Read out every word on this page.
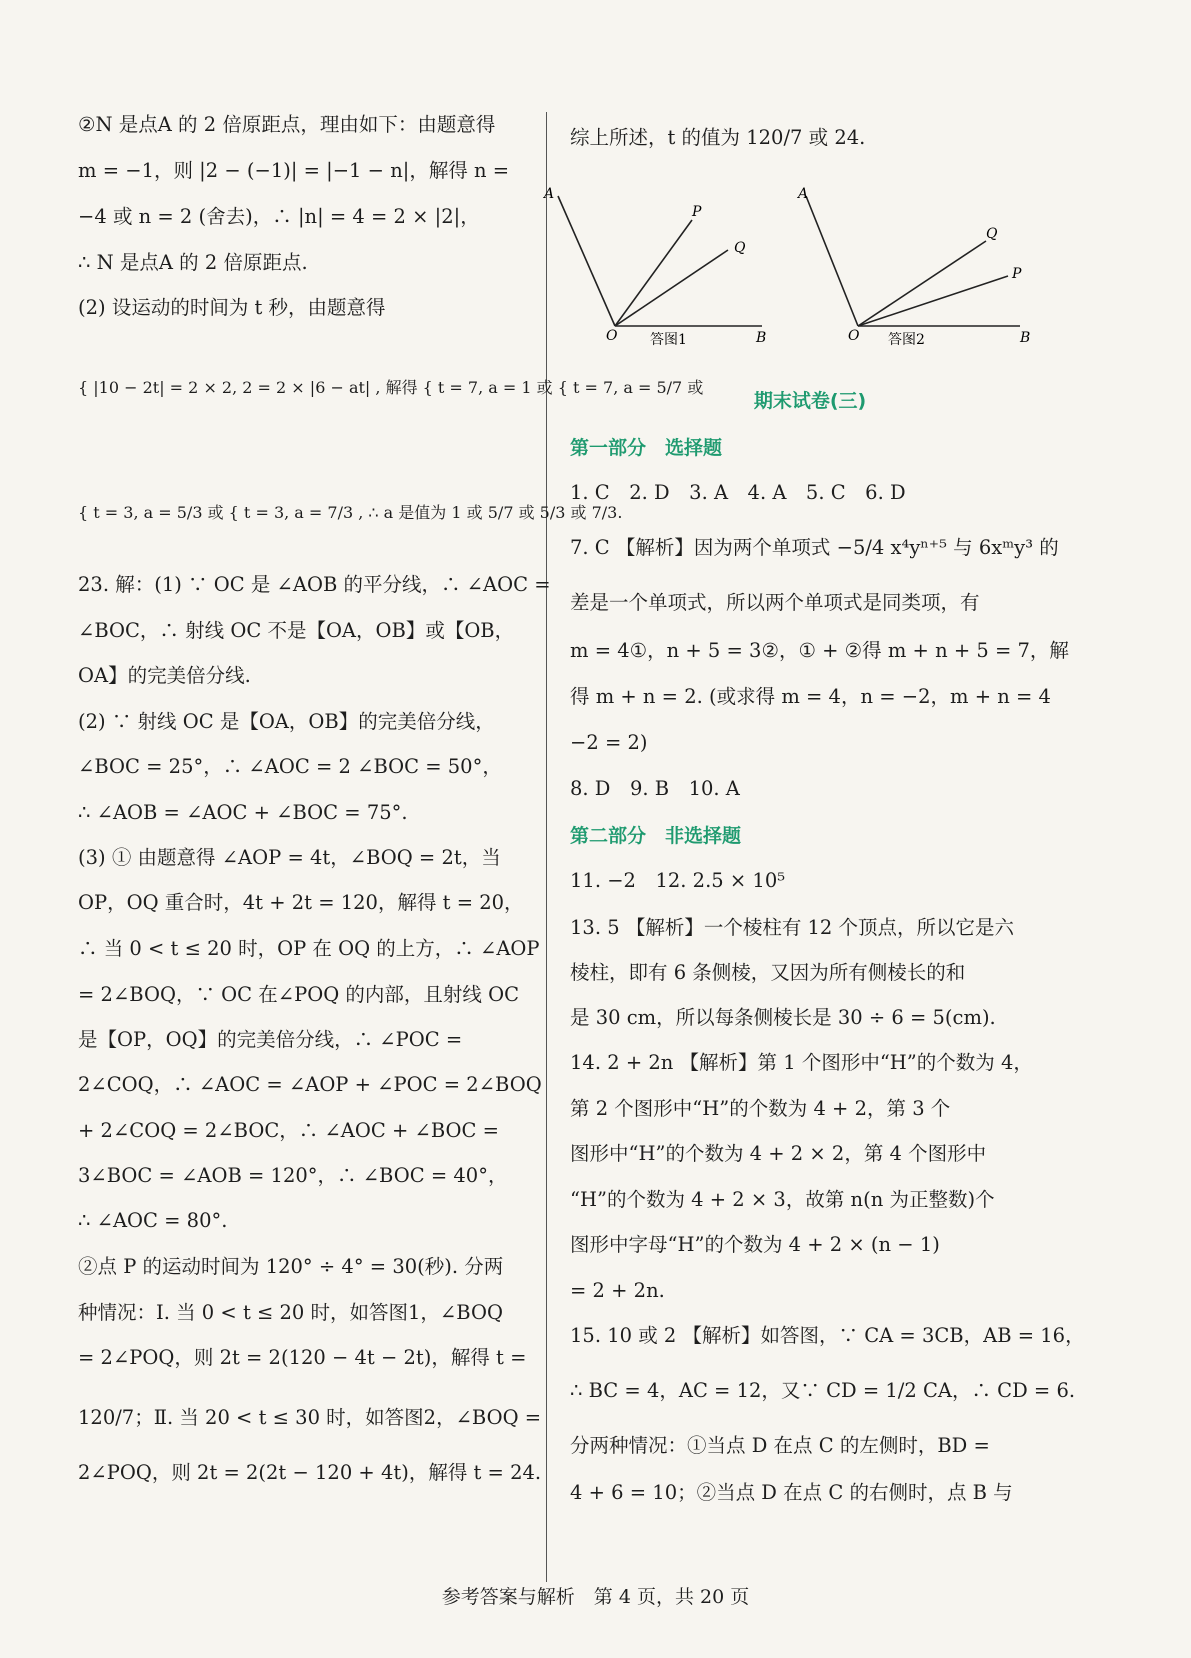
②N 是点A 的 2 倍原距点，理由如下：由题意得
m = −1，则 |2 − (−1)| = |−1 − n|，解得 n =
−4 或 n = 2 (舍去)，∴ |n| = 4 = 2 × |2|，
∴ N 是点A 的 2 倍原距点.
(2) 设运动的时间为 t 秒，由题意得
{ |10 − 2t| = 2 × 2, 2 = 2 × |6 − at| , 解得 { t = 7, a = 1 或 { t = 7, a = 5/7 或
{ t = 3, a = 5/3 或 { t = 3, a = 7/3 , ∴ a 是值为 1 或 5/7 或 5/3 或 7/3.
23. 解：(1) ∵ OC 是 ∠AOB 的平分线，∴ ∠AOC =
∠BOC，∴ 射线 OC 不是【OA，OB】或【OB，
OA】的完美倍分线.
(2) ∵ 射线 OC 是【OA，OB】的完美倍分线，
∠BOC = 25°，∴ ∠AOC = 2 ∠BOC = 50°，
∴ ∠AOB = ∠AOC + ∠BOC = 75°.
(3) ① 由题意得 ∠AOP = 4t，∠BOQ = 2t，当
OP，OQ 重合时，4t + 2t = 120，解得 t = 20，
∴ 当 0 < t ≤ 20 时，OP 在 OQ 的上方，∴ ∠AOP
= 2∠BOQ，∵ OC 在∠POQ 的内部，且射线 OC
是【OP，OQ】的完美倍分线，∴ ∠POC =
2∠COQ，∴ ∠AOC = ∠AOP + ∠POC = 2∠BOQ
+ 2∠COQ = 2∠BOC，∴ ∠AOC + ∠BOC =
3∠BOC = ∠AOB = 120°，∴ ∠BOC = 40°，
∴ ∠AOC = 80°.
②点 P 的运动时间为 120° ÷ 4° = 30(秒). 分两
种情况：Ⅰ. 当 0 < t ≤ 20 时，如答图1，∠BOQ
= 2∠POQ，则 2t = 2(120 − 4t − 2t)，解得 t =
120/7；Ⅱ. 当 20 < t ≤ 30 时，如答图2，∠BOQ =
2∠POQ，则 2t = 2(2t − 120 + 4t)，解得 t = 24.
综上所述，t 的值为 120/7 或 24.
A
P
Q
O	B
答图1
A
Q
P
O	B
答图2
期末试卷(三)
第一部分　选择题
1. C　2. D　3. A　4. A　5. C　6. D
7. C 【解析】因为两个单项式 −5/4 x⁴yⁿ⁺⁵ 与 6xᵐy³ 的
差是一个单项式，所以两个单项式是同类项，有
m = 4①，n + 5 = 3②，① + ②得 m + n + 5 = 7，解
得 m + n = 2. (或求得 m = 4，n = −2，m + n = 4
−2 = 2)
8. D　9. B　10. A
第二部分　非选择题
11. −2　12. 2.5 × 10⁵
13. 5 【解析】一个棱柱有 12 个顶点，所以它是六
棱柱，即有 6 条侧棱，又因为所有侧棱长的和
是 30 cm，所以每条侧棱长是 30 ÷ 6 = 5(cm).
14. 2 + 2n 【解析】第 1 个图形中“H”的个数为 4，
第 2 个图形中“H”的个数为 4 + 2，第 3 个
图形中“H”的个数为 4 + 2 × 2，第 4 个图形中
“H”的个数为 4 + 2 × 3，故第 n(n 为正整数)个
图形中字母“H”的个数为 4 + 2 × (n − 1)
= 2 + 2n.
15. 10 或 2 【解析】如答图，∵ CA = 3CB，AB = 16，
∴ BC = 4，AC = 12，又∵ CD = 1/2 CA，∴ CD = 6.
分两种情况：①当点 D 在点 C 的左侧时，BD =
4 + 6 = 10；②当点 D 在点 C 的右侧时，点 B 与
参考答案与解析　第 4 页，共 20 页
